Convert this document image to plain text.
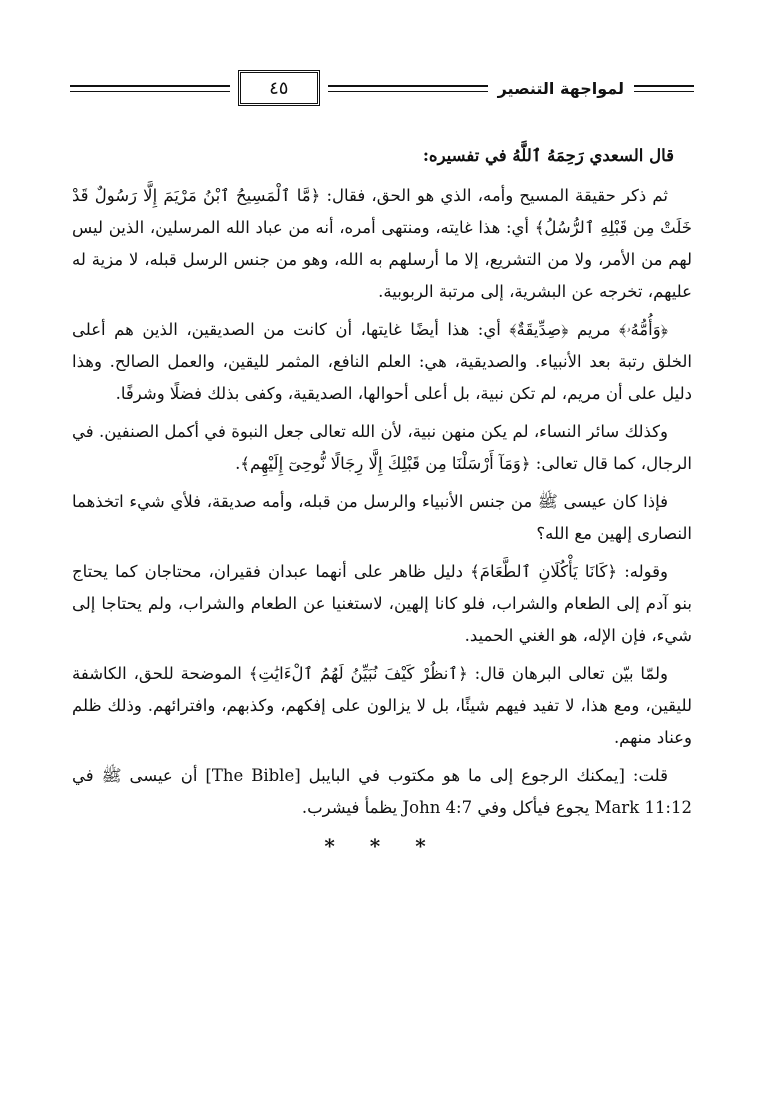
٤٥	لمواجهة التنصير

قال السعدي رَحِمَهُ ٱللَّهُ في تفسيره:

ثم ذكر حقيقة المسيح وأمه، الذي هو الحق، فقال: ﴿مَّا ٱلْمَسِيحُ ٱبْنُ مَرْيَمَ إِلَّا رَسُولٌ قَدْ خَلَتْ مِن قَبْلِهِ ٱلرُّسُلُ﴾ أي: هذا غايته، ومنتهى أمره، أنه من عباد الله المرسلين، الذين ليس لهم من الأمر، ولا من التشريع، إلا ما أرسلهم به الله، وهو من جنس الرسل قبله، لا مزية له عليهم، تخرجه عن البشرية، إلى مرتبة الربوبية.

﴿وَأُمُّهُۥ﴾ مريم ﴿صِدِّيقَةٌ﴾ أي: هذا أيضًا غايتها، أن كانت من الصديقين، الذين هم أعلى الخلق رتبة بعد الأنبياء. والصديقية، هي: العلم النافع، المثمر لليقين، والعمل الصالح. وهذا دليل على أن مريم، لم تكن نبية، بل أعلى أحوالها، الصديقية، وكفى بذلك فضلًا وشرفًا.

وكذلك سائر النساء، لم يكن منهن نبية، لأن الله تعالى جعل النبوة في أكمل الصنفين. في الرجال، كما قال تعالى: ﴿وَمَآ أَرْسَلْنَا مِن قَبْلِكَ إِلَّا رِجَالًا نُّوحِىٓ إِلَيْهِم﴾.

فإذا كان عيسى ﷺ من جنس الأنبياء والرسل من قبله، وأمه صديقة، فلأي شيء اتخذهما النصارى إلهين مع الله؟

وقوله: ﴿كَانَا يَأْكُلَانِ ٱلطَّعَامَ﴾ دليل ظاهر على أنهما عبدان فقيران، محتاجان كما يحتاج بنو آدم إلى الطعام والشراب، فلو كانا إلهين، لاستغنيا عن الطعام والشراب، ولم يحتاجا إلى شيء، فإن الإله، هو الغني الحميد.

ولمّا بيّن تعالى البرهان قال: ﴿ٱنظُرْ كَيْفَ نُبَيِّنُ لَهُمُ ٱلْءَايَٰتِ﴾ الموضحة للحق، الكاشفة لليقين، ومع هذا، لا تفيد فيهم شيئًا، بل لا يزالون على إفكهم، وكذبهم، وافترائهم. وذلك ظلم وعناد منهم.

قلت: [يمكنك الرجوع إلى ما هو مكتوب في البايبل [The Bible] أن عيسى ﷺ في Mark 11:12 يجوع فيأكل وفي John 4:7 يظمأ فيشرب.

* * *
